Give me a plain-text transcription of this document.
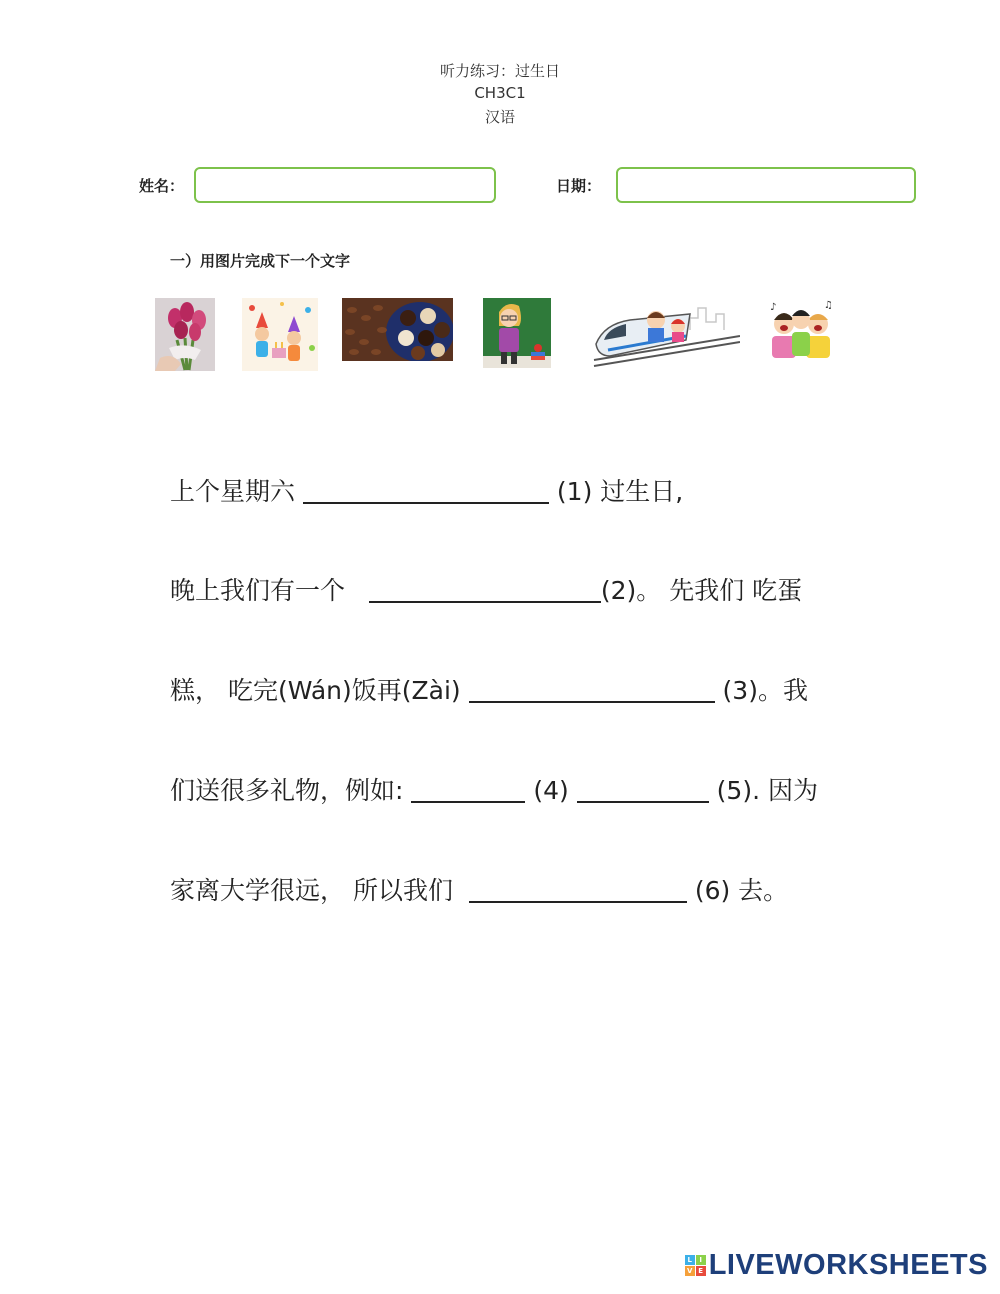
听力练习：过生日
CH3C1
汉语
姓名：	日期：
一）用图片完成下一个文字
♪	♫
上个星期六	(1) 过生日,
晚上我们有一个	(2)。 先我们 吃蛋
糕， 吃完(Wán)饭再(Zài)	(3)。我
们送很多礼物，例如:	(4)	(5). 因为
家离大学很远， 所以我们	(6) 去。
L	I
V E LIVEWORKSHEETS
